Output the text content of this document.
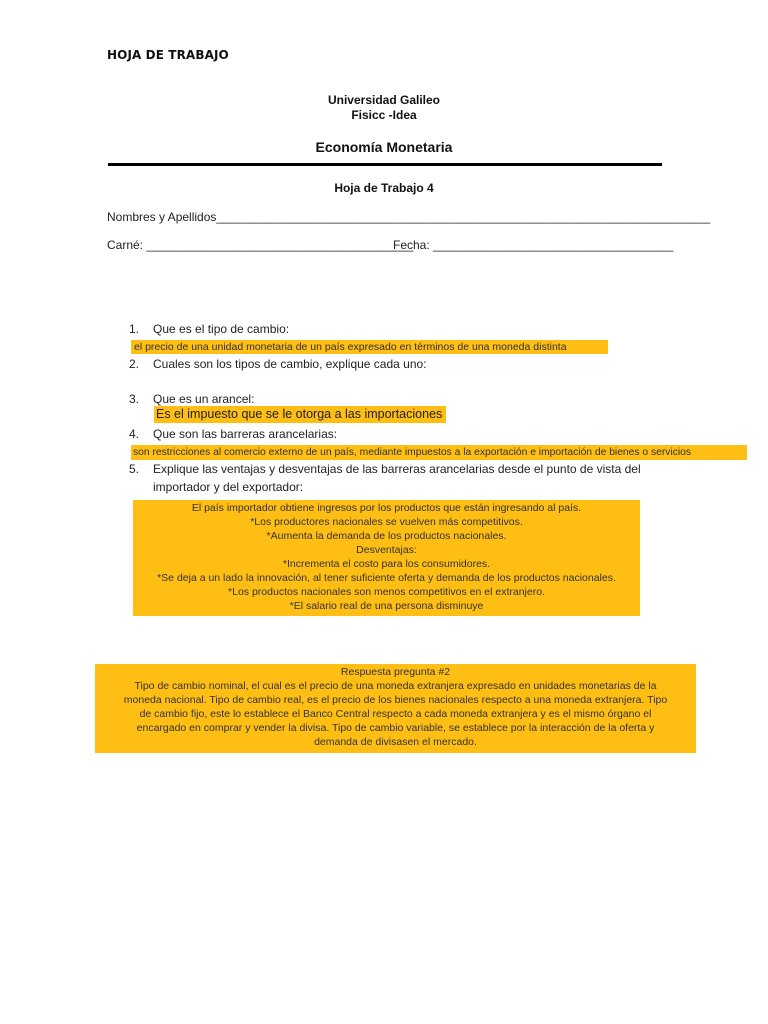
HOJA DE TRABAJO
Universidad Galileo
Fisicc -Idea
Economía Monetaria
Hoja de Trabajo 4
Nombres y Apellidos__________________________________________________________________________
Carné: ________________________________________
Fecha: ____________________________________
1. Que es el tipo de cambio:
el precio de una unidad monetaria de un país expresado en términos de una moneda distinta
2. Cuales son los tipos de cambio, explique cada uno:
3. Que es un arancel:
Es el impuesto que se le otorga a las importaciones
4. Que son las barreras arancelarias:
son restricciones al comercio externo de un país, mediante impuestos a la exportación e importación de bienes o servicios
5. Explique las ventajas y desventajas de las barreras arancelarias desde el punto de vista del
importador y del exportador:
El país importador obtiene ingresos por los productos que están ingresando al país.
*Los productores nacionales se vuelven más competitivos.
*Aumenta la demanda de los productos nacionales.
Desventajas:
*Incrementa el costo para los consumidores.
*Se deja a un lado la innovación, al tener suficiente oferta y demanda de los productos nacionales.
*Los productos nacionales son menos competitivos en el extranjero.
*El salario real de una persona disminuye
Respuesta pregunta #2
Tipo de cambio nominal, el cual es el precio de una moneda extranjera expresado en unidades monetarias de la
moneda nacional. Tipo de cambio real, es el precio de los bienes nacionales respecto a una moneda extranjera. Tipo
de cambio fijo, este lo establece el Banco Central respecto a cada moneda extranjera y es el mismo órgano el
encargado en comprar y vender la divisa. Tipo de cambio variable, se establece por la interacción de la oferta y
demanda de divisasen el mercado.
